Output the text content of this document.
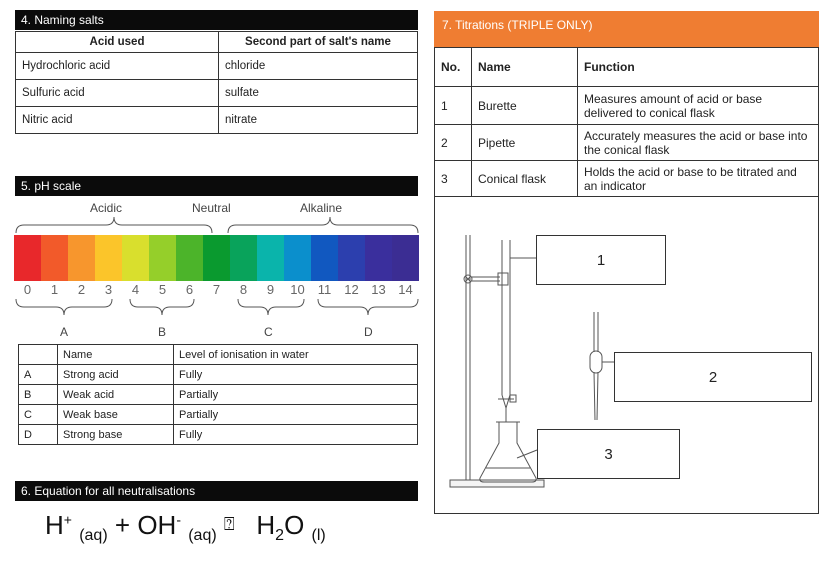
4. Naming salts
Acid used	Second part of salt's name
Hydrochloric acid	chloride
Sulfuric acid	sulfate
Nitric acid	nitrate
5. pH scale
Acidic	Neutral	Alkaline
0	1	2	3	4	5	6	7	8	9	10	11	12 13 14
A	B	C	D
	Name	Level of ionisation in water
A	Strong acid	Fully
B	Weak acid	Partially
C	Weak base	Partially
D	Strong base	Fully
6. Equation for all neutralisations
H+ $_{(aq)}$ + OH- $_{(aq)}$ ⍰ $H_2O$ $_{(l)}$
7. Titrations (TRIPLE ONLY)
No.	Name	Function
1	Burette	Measures amount of acid or base delivered to conical flask
2	Pipette	Accurately measures the acid or base into the conical flask
3	Conical flask	Holds the acid or base to be titrated and an indicator
1
2
3
